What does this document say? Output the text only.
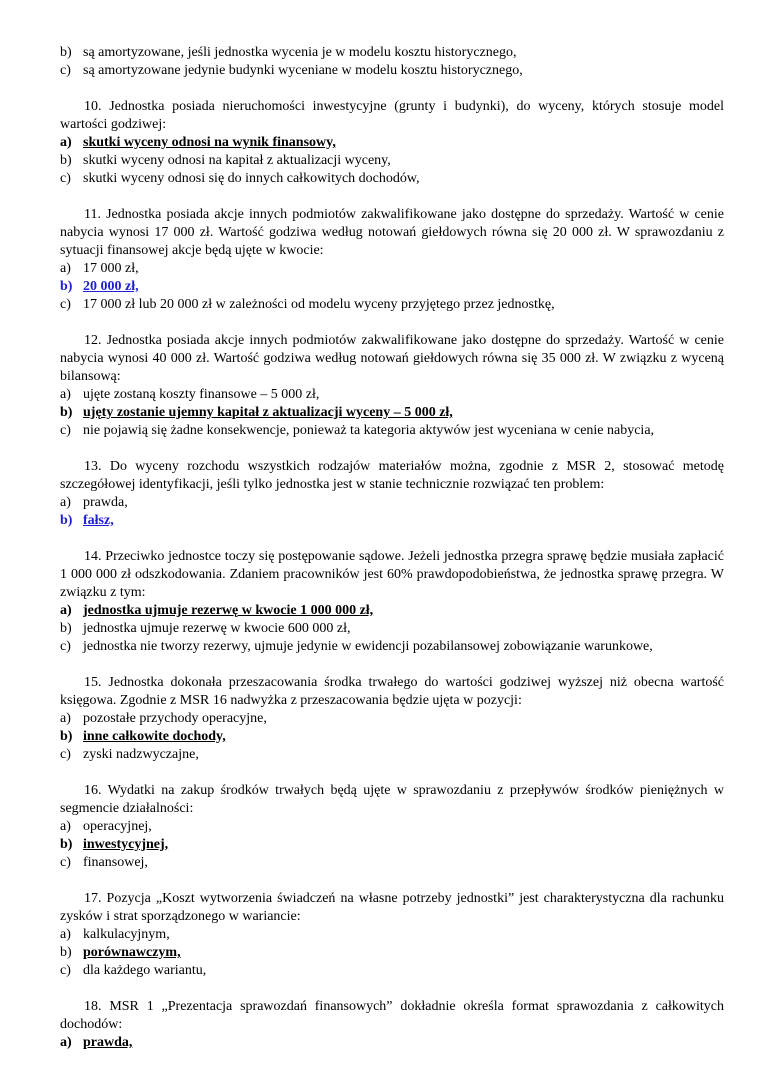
b) są amortyzowane, jeśli jednostka wycenia je w modelu kosztu historycznego,
c) są amortyzowane jedynie budynki wyceniane w modelu kosztu historycznego,

10. Jednostka posiada nieruchomości inwestycyjne (grunty i budynki), do wyceny, których stosuje model wartości godziwej:

a) skutki wyceny odnosi na wynik finansowy,
b) skutki wyceny odnosi na kapitał z aktualizacji wyceny,
c) skutki wyceny odnosi się do innych całkowitych dochodów,

11. Jednostka posiada akcje innych podmiotów zakwalifikowane jako dostępne do sprzedaży. Wartość w cenie nabycia wynosi 17 000 zł. Wartość godziwa według notowań giełdowych równa się 20 000 zł. W sprawozdaniu z sytuacji finansowej akcje będą ujęte w kwocie:

a) 17 000 zł,
b) 20 000 zł,
c) 17 000 zł lub 20 000 zł w zależności od modelu wyceny przyjętego przez jednostkę,

12. Jednostka posiada akcje innych podmiotów zakwalifikowane jako dostępne do sprzedaży. Wartość w cenie nabycia wynosi 40 000 zł. Wartość godziwa według notowań giełdowych równa się 35 000 zł. W związku z wyceną bilansową:

a) ujęte zostaną koszty finansowe – 5 000 zł,
b) ujęty zostanie ujemny kapitał z aktualizacji wyceny – 5 000 zł,
c) nie pojawią się żadne konsekwencje, ponieważ ta kategoria aktywów jest wyceniana w cenie nabycia,

13. Do wyceny rozchodu wszystkich rodzajów materiałów można, zgodnie z MSR 2, stosować metodę szczegółowej identyfikacji, jeśli tylko jednostka jest w stanie technicznie rozwiązać ten problem:

a) prawda,
b) fałsz,

14. Przeciwko jednostce toczy się postępowanie sądowe. Jeżeli jednostka przegra sprawę będzie musiała zapłacić 1 000 000 zł odszkodowania. Zdaniem pracowników jest 60% prawdopodobieństwa, że jednostka sprawę przegra. W związku z tym:

a) jednostka ujmuje rezerwę w kwocie 1 000 000 zł,
b) jednostka ujmuje rezerwę w kwocie 600 000 zł,
c) jednostka nie tworzy rezerwy, ujmuje jedynie w ewidencji pozabilansowej zobowiązanie warunkowe,

15. Jednostka dokonała przeszacowania środka trwałego do wartości godziwej wyższej niż obecna wartość księgowa. Zgodnie z MSR 16 nadwyżka z przeszacowania będzie ujęta w pozycji:

a) pozostałe przychody operacyjne,
b) inne całkowite dochody,
c) zyski nadzwyczajne,

16. Wydatki na zakup środków trwałych będą ujęte w sprawozdaniu z przepływów środków pieniężnych w segmencie działalności:

a) operacyjnej,
b) inwestycyjnej,
c) finansowej,

17. Pozycja „Koszt wytworzenia świadczeń na własne potrzeby jednostki” jest charakterystyczna dla rachunku zysków i strat sporządzonego w wariancie:

a) kalkulacyjnym,
b) porównawczym,
c) dla każdego wariantu,

18. MSR 1 „Prezentacja sprawozdań finansowych” dokładnie określa format sprawozdania z całkowitych dochodów:

a) prawda,
